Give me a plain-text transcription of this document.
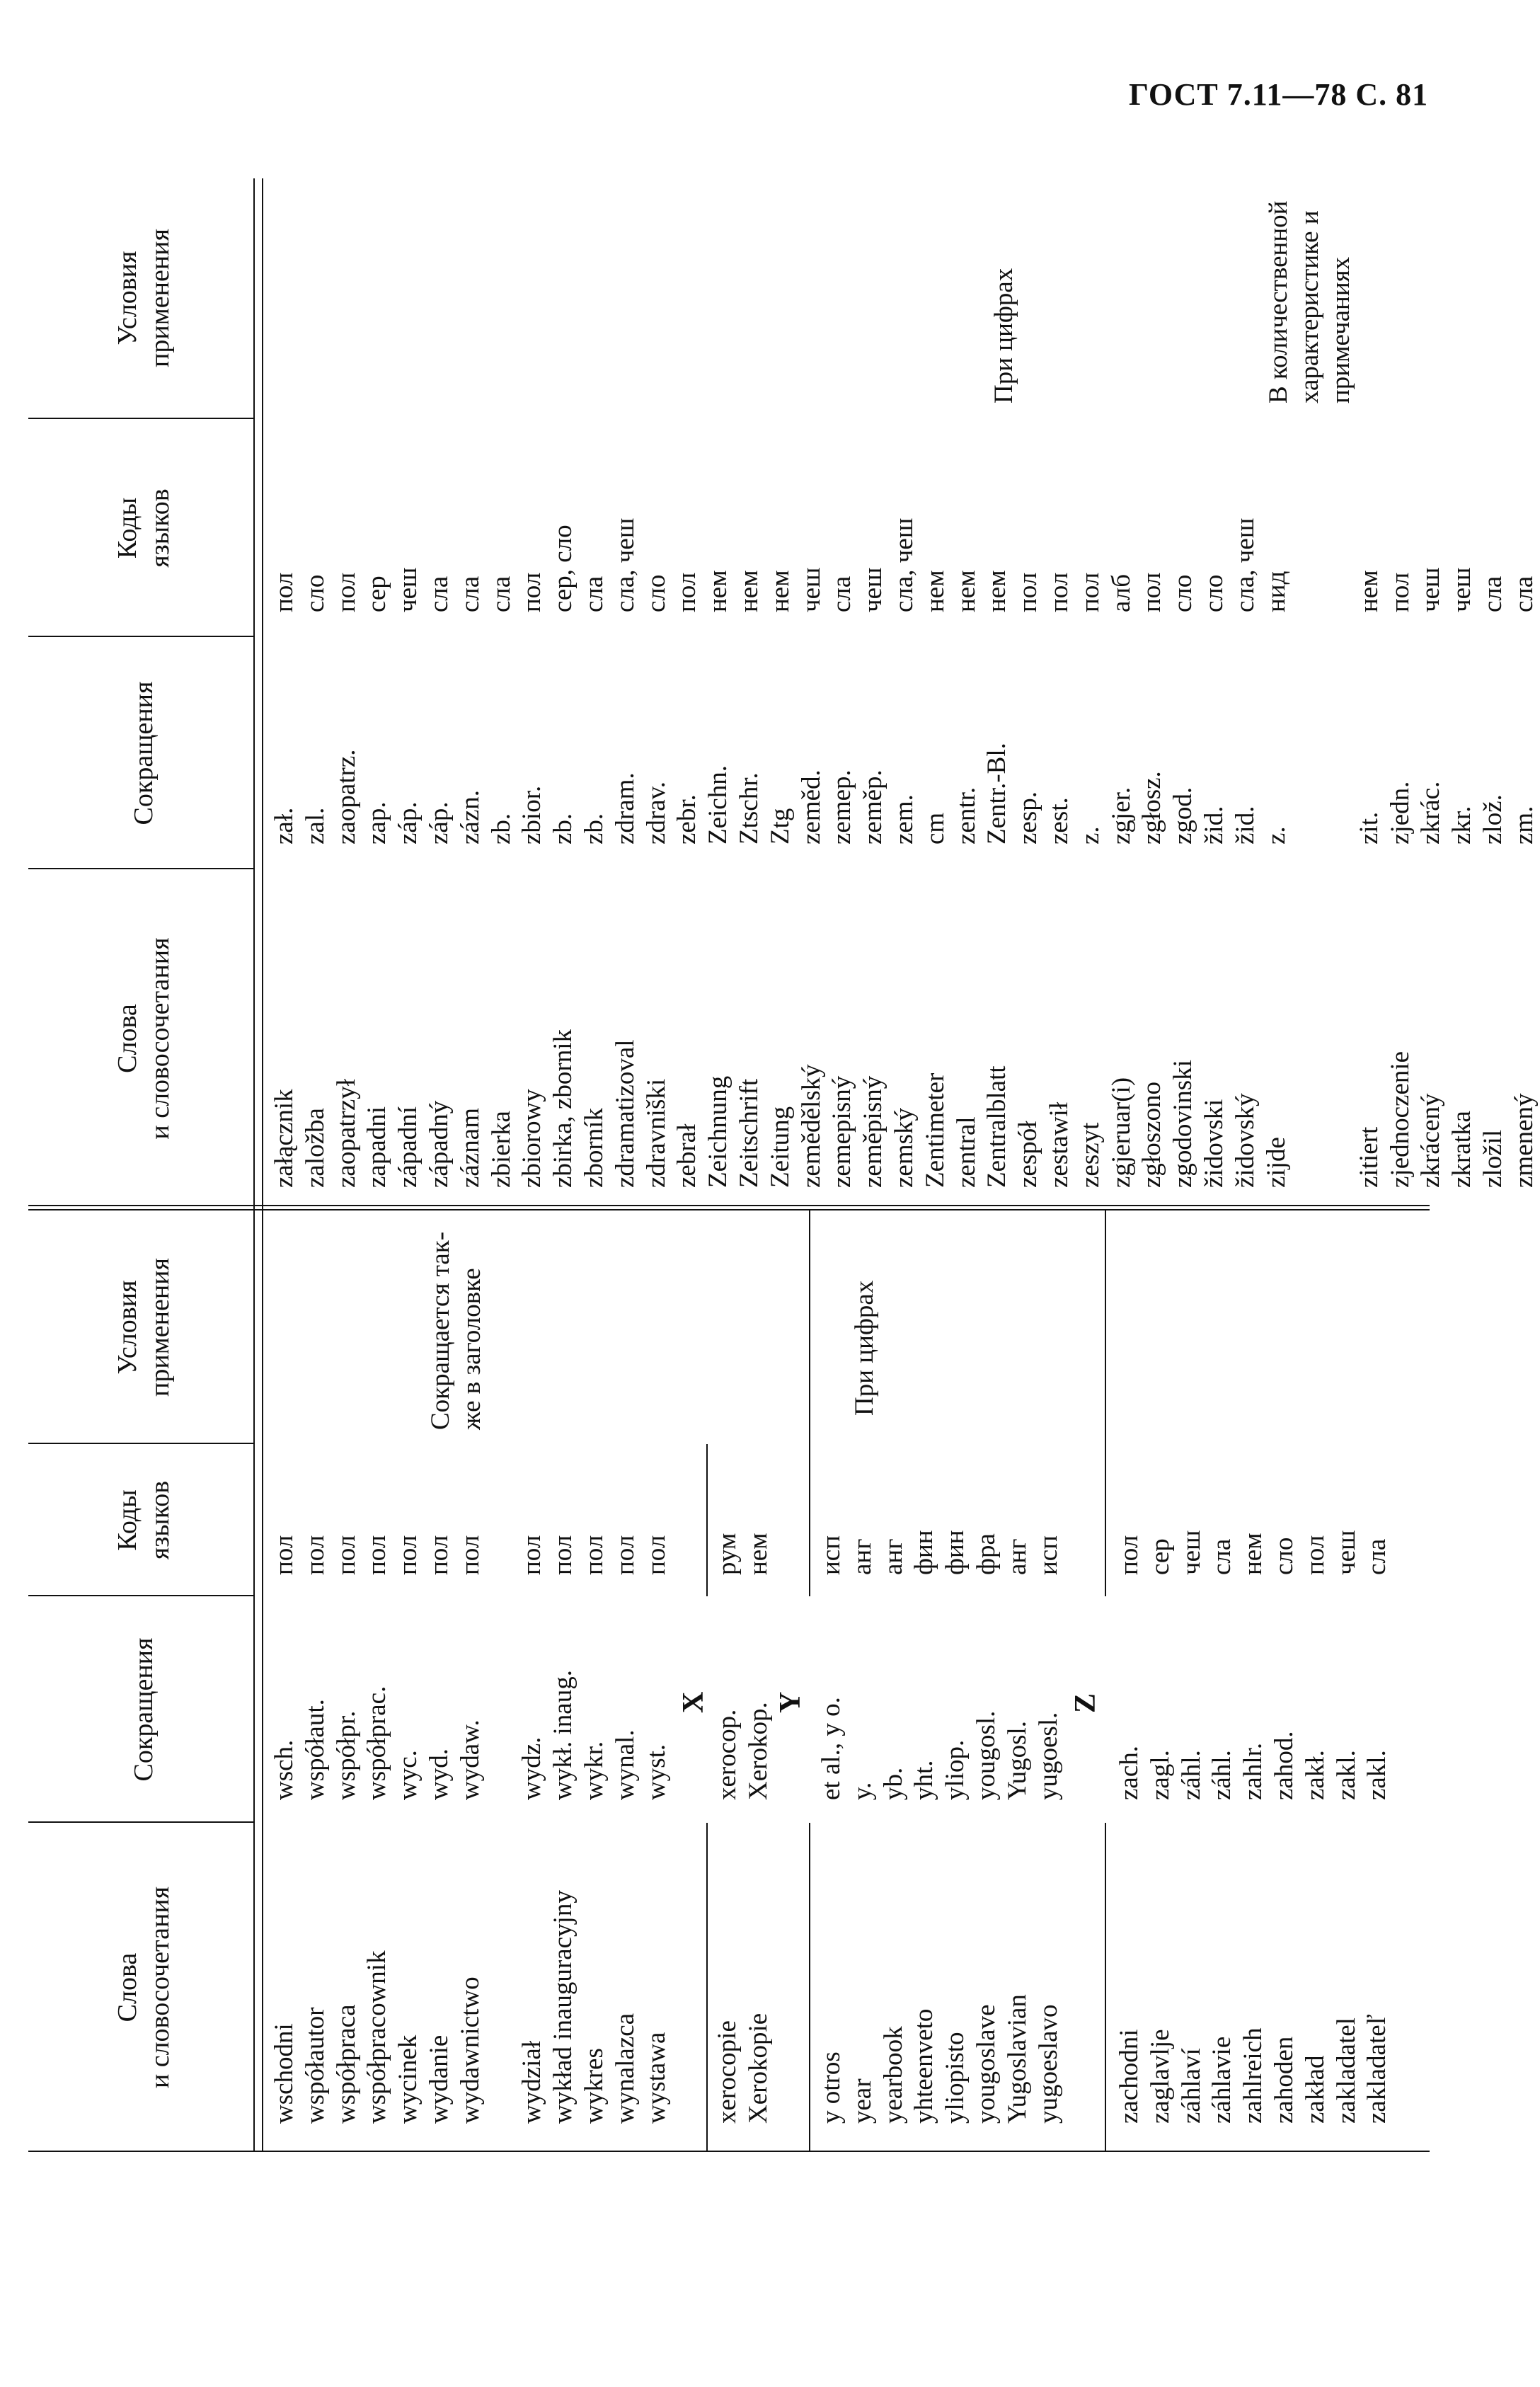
ГОСТ 7.11—78 С. 81
Слова и словосочетания
Сокращения
Коды языков
Условия применения
Слова и словосочетания
Сокращения
Коды языков
Условия применения
wschodni współautor współpraca współpracownik wycinek wydanie wydawnictwo wydział wykład inauguracyjny wykres wynalazca wystawa
wsch. współaut. współpr. współprac. wyc. wyd. wydaw. wydz. wykł. inaug. wykr. wynal. wyst.
пол пол пол пол пол пол пол пол пол пол пол пол
Сокращается так- же в заголовке
X
xerocopie Xerokopie
xerocop. Xerokop.
рум нем
Y
y otros year yearbook yhteenveto yliopisto yougoslave Yugoslavian yugoeslavo
et al., y o. y. yb. yht. yliop. yougosl. Yugosl. yugoesl.
исп анг анг фин фин фра анг исп
При цифрах
Z
zachodni zaglavlje záhlaví záhlavie zahlreich zahoden zakład zakladatel zakladateľ
zach. zagl. záhl. záhl. zahlr. zahod. zakł. zakl. zakl.
пол сер чеш сла нем сло пол чеш сла
załącznik založba zaopatrzył zapadni západní západný záznam zbierka zbiorowy zbirka, zbornik zborník zdramatizoval zdravniški zebrał Zeichnung Zeitschrift Zeitung zemědělský zemepisný zeměpisný zemský Zentimeter zentral Zentralblatt zespół zestawił zeszyt zgjeruar(i) zgłoszono zgodovinski židovski židovský zijde zitiert zjednoczenie zkrácený zkratka zložil zmenený
zał. zal. zaopatrz. zap. záp. záp. zázn. zb. zbior. zb. zb. zdram. zdrav. zebr. Zeichn. Ztschr. Ztg zeměd. zemep. zeměp. zem. cm zentr. Zentr.-Bl. zesp. zest. z. zgjer. zgłosz. zgod. žid. žid. z. zit. zjedn. zkrác. zkr. zlož. zm.
пол сло пол сер чеш сла сла сла пол сер, сло сла сла, чеш сло пол нем нем нем чеш сла чеш сла, чеш нем нем нем пол пол пол алб пол сло сло сла, чеш нид нем пол чеш чеш сла сла
При цифрах	В количественной характеристике и примечаниях
